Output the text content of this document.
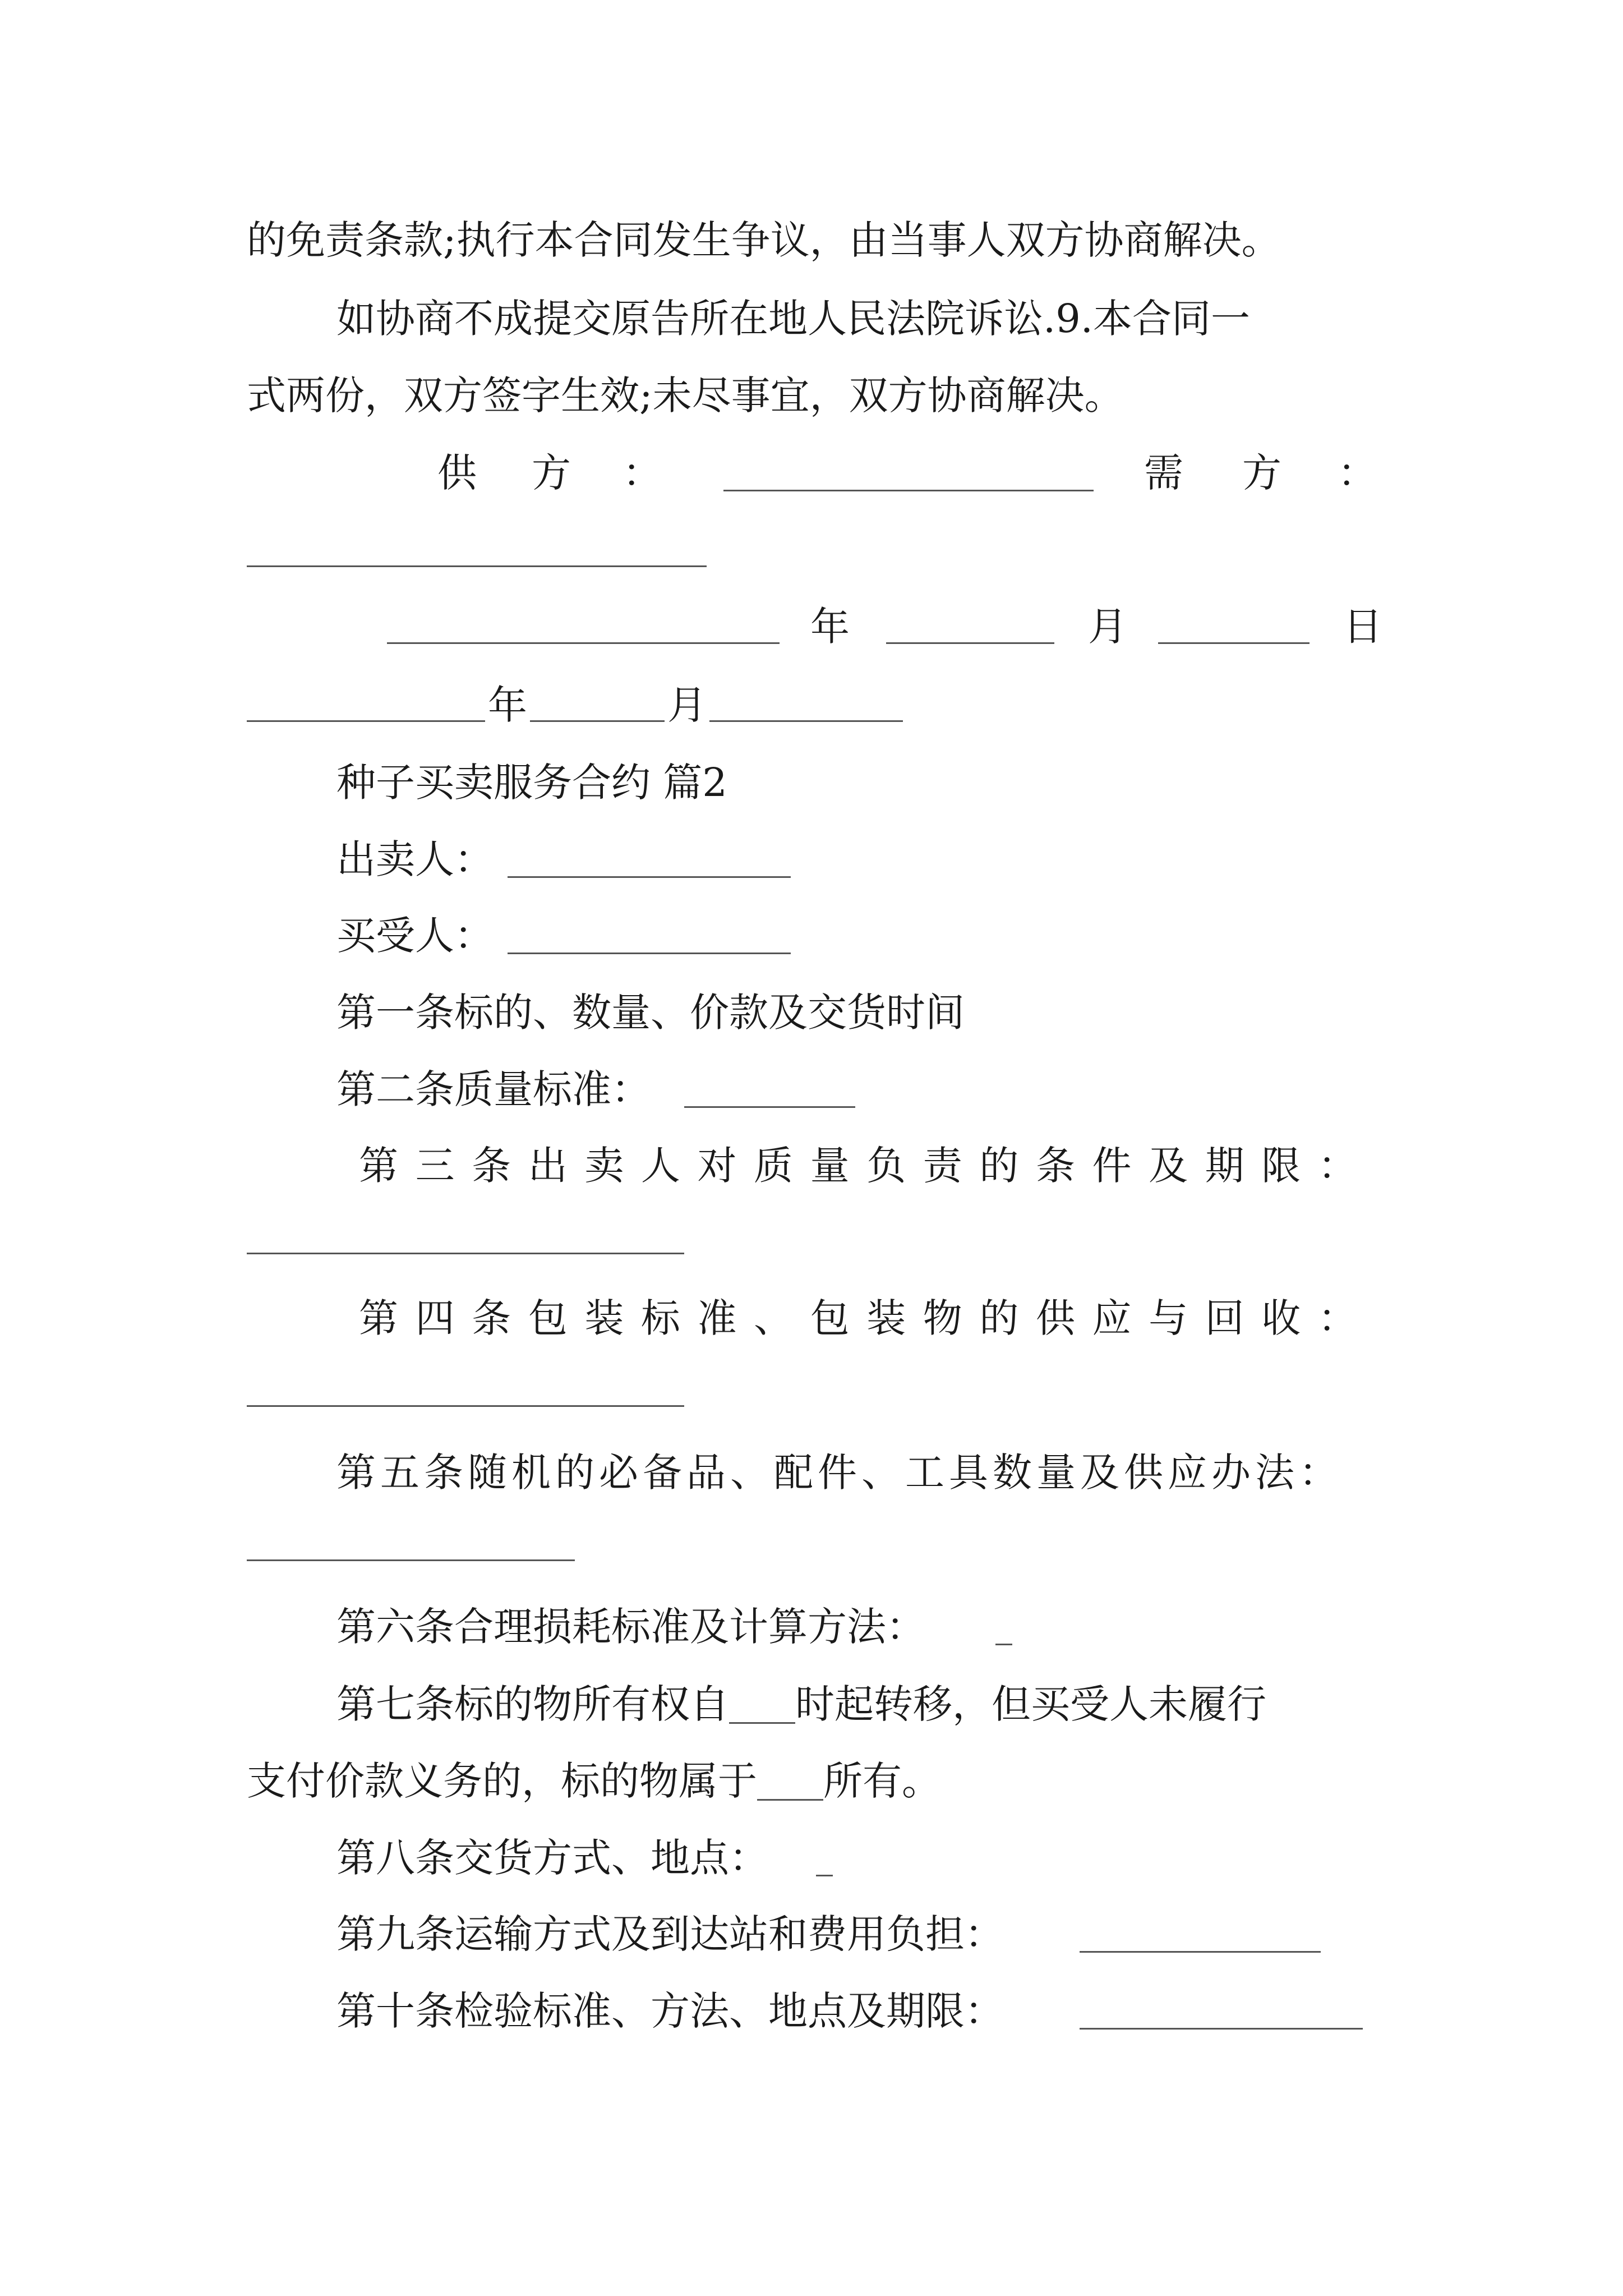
的免责条款;执行本合同发生争议，由当事人双方协商解决。
如协商不成提交原告所在地人民法院诉讼.9.本合同一
式两份，双方签字生效;未尽事宜，双方协商解决。
供 方 ：	需 方 ：
年	月	日
年	月
种子买卖服务合约 篇2
出卖人：
买受人：
第一条标的、数量、价款及交货时间
第二条质量标准：
第 三 条 出 卖 人 对 质 量 负 责 的 条 件 及 期 限 ：
第 四 条 包 装 标 准 、 包 装 物 的 供 应 与 回 收 ：
第五条随机的必备品、配件、工具数量及供应办法：
第六条合理损耗标准及计算方法：
第七条标的物所有权自 时起转移，但买受人未履行
支付价款义务的，标的物属于 所有。
第八条交货方式、地点：
第九条运输方式及到达站和费用负担：
第十条检验标准、方法、地点及期限：
